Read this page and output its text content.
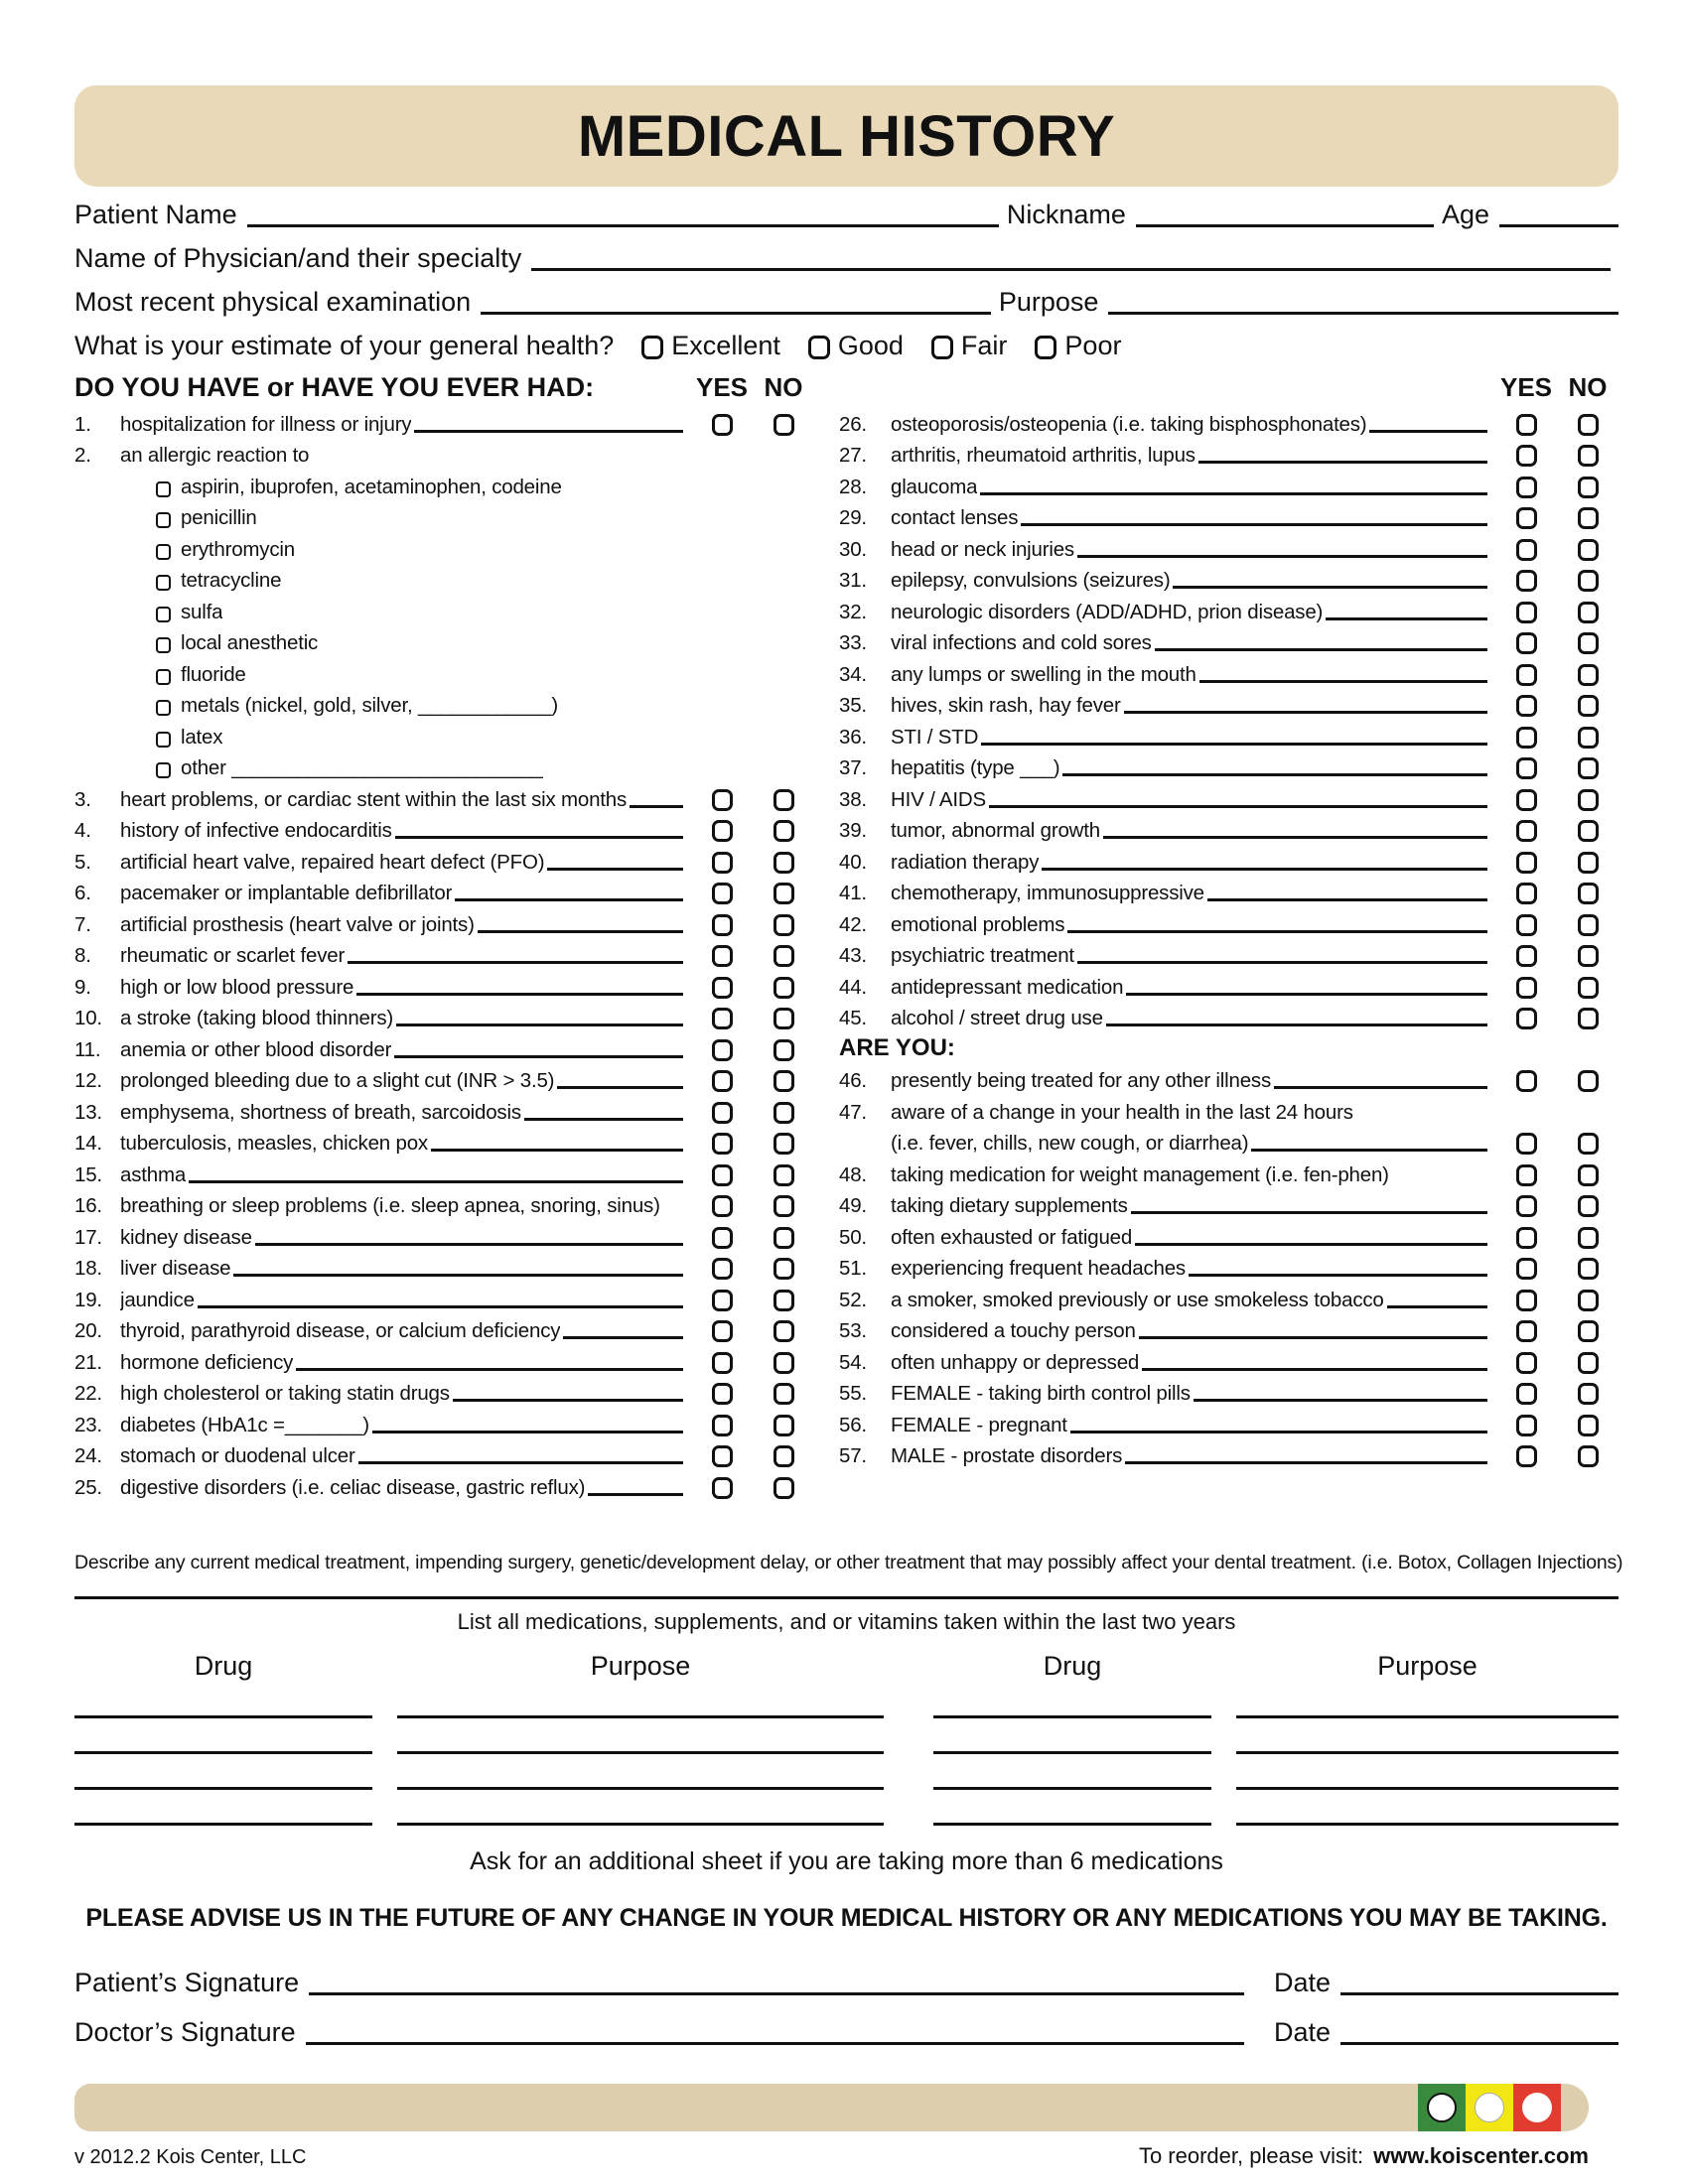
MEDICAL HISTORY
Patient Name	Nickname	Age
Name of Physician/and their specialty
Most recent physical examination	Purpose
What is your estimate of your general health? Excellent Good Fair Poor
DO YOU HAVE or HAVE YOU EVER HAD:	YES NO
1.	hospitalization for illness or injury
2.	an allergic reaction to
aspirin, ibuprofen, acetaminophen, codeine
penicillin
erythromycin
tetracycline
sulfa
local anesthetic
fluoride
metals (nickel, gold, silver, ____________)
latex
other ____________________________
3.	heart problems, or cardiac stent within the last six months
4.	history of infective endocarditis
5.	artificial heart valve, repaired heart defect (PFO)
6.	pacemaker or implantable defibrillator
7.	artificial prosthesis (heart valve or joints)
8.	rheumatic or scarlet fever
9.	high or low blood pressure
10. a stroke (taking blood thinners)
11. anemia or other blood disorder
12. prolonged bleeding due to a slight cut (INR > 3.5)
13. emphysema, shortness of breath, sarcoidosis
14. tuberculosis, measles, chicken pox
15. asthma
16. breathing or sleep problems (i.e. sleep apnea, snoring, sinus)
17. kidney disease
18. liver disease
19. jaundice
20. thyroid, parathyroid disease, or calcium deficiency
21. hormone deficiency
22. high cholesterol or taking statin drugs
23. diabetes (HbA1c =_______)
24. stomach or duodenal ulcer
25. digestive disorders (i.e. celiac disease, gastric reflux)
YES NO
26.	osteoporosis/osteopenia (i.e. taking bisphosphonates)
27.	arthritis, rheumatoid arthritis, lupus
28.	glaucoma
29.	contact lenses
30.	head or neck injuries
31.	epilepsy, convulsions (seizures)
32.	neurologic disorders (ADD/ADHD, prion disease)
33.	viral infections and cold sores
34.	any lumps or swelling in the mouth
35.	hives, skin rash, hay fever
36.	STI / STD
37.	hepatitis (type ___)
38.	HIV / AIDS
39.	tumor, abnormal growth
40.	radiation therapy
41.	chemotherapy, immunosuppressive
42.	emotional problems
43.	psychiatric treatment
44.	antidepressant medication
45.	alcohol / street drug use
ARE YOU:
46.	presently being treated for any other illness
47.	aware of a change in your health in the last 24 hours
(i.e. fever, chills, new cough, or diarrhea)
48.	taking medication for weight management (i.e. fen-phen)
49.	taking dietary supplements
50.	often exhausted or fatigued
51.	experiencing frequent headaches
52.	a smoker, smoked previously or use smokeless tobacco
53.	considered a touchy person
54.	often unhappy or depressed
55.	FEMALE - taking birth control pills
56.	FEMALE - pregnant
57.	MALE - prostate disorders
Describe any current medical treatment, impending surgery, genetic/development delay, or other treatment that may possibly affect your dental treatment. (i.e. Botox, Collagen Injections)
List all medications, supplements, and or vitamins taken within the last two years
Drug	Purpose	Drug	Purpose
Ask for an additional sheet if you are taking more than 6 medications
PLEASE ADVISE US IN THE FUTURE OF ANY CHANGE IN YOUR MEDICAL HISTORY OR ANY MEDICATIONS YOU MAY BE TAKING.
Patient’s Signature	Date
Doctor’s Signature	Date
v 2012.2 Kois Center, LLC	To reorder, please visit: www.koiscenter.com
